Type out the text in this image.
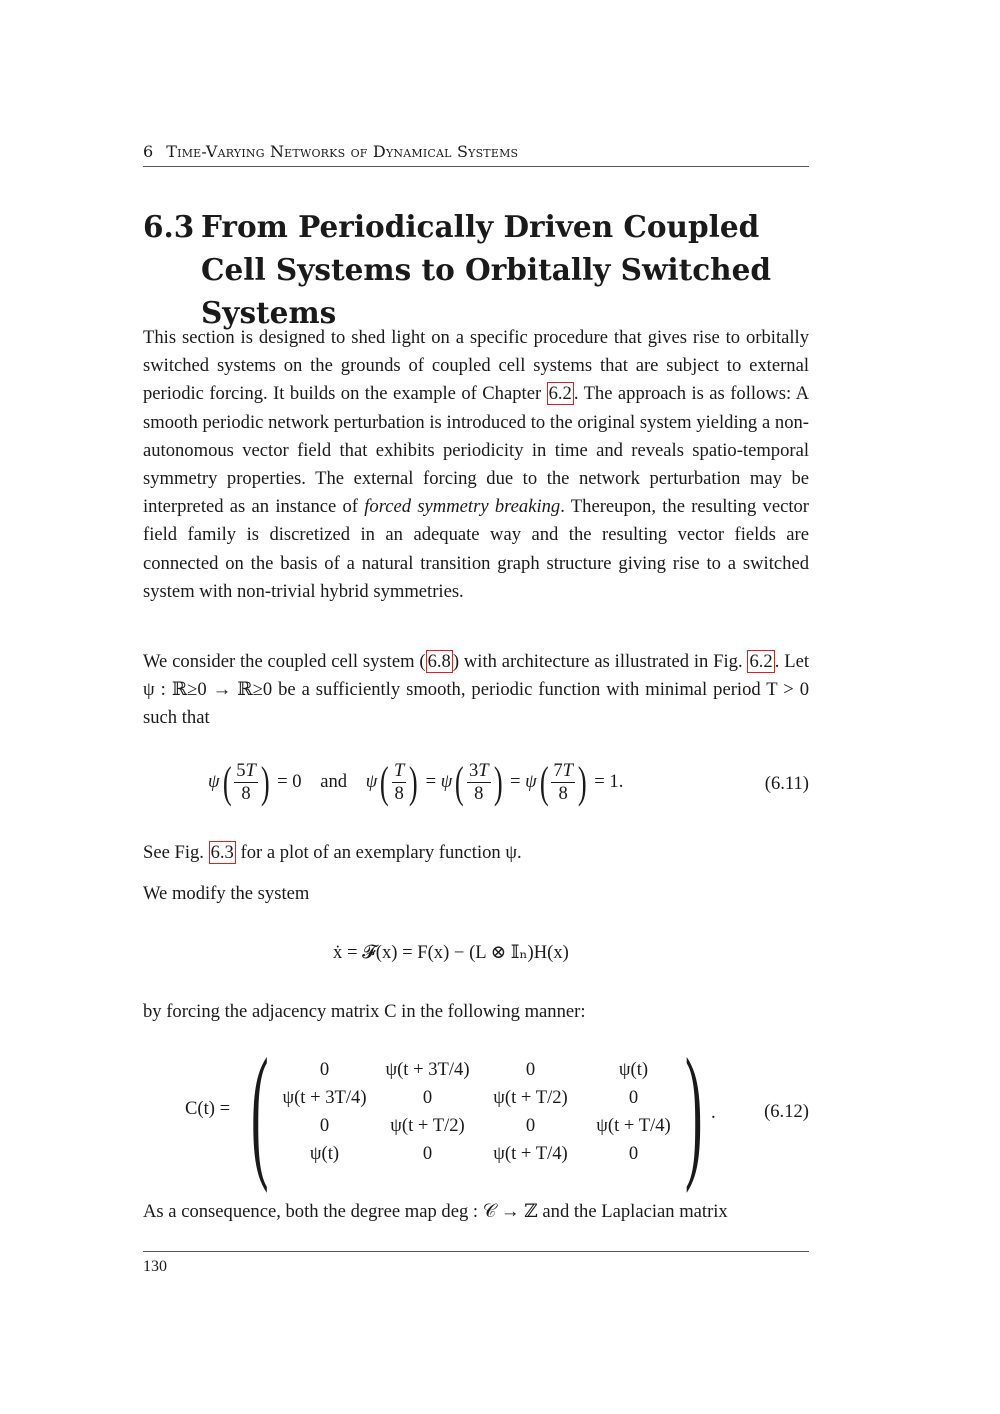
6 Time-Varying Networks of Dynamical Systems
6.3 From Periodically Driven Coupled Cell Systems to Orbitally Switched Systems

This section is designed to shed light on a specific procedure that gives rise to orbitally switched systems on the grounds of coupled cell systems that are subject to external periodic forcing. It builds on the example of Chapter 6.2 . The approach is as follows: A smooth periodic network perturbation is introduced to the original system yielding a non-autonomous vector field that exhibits periodicity in time and reveals spatio-temporal symmetry properties. The external forcing due to the network perturbation may be interpreted as an instance of forced symmetry breaking. Thereupon, the resulting vector field family is discretized in an adequate way and the resulting vector fields are connected on the basis of a natural transition graph structure giving rise to a switched system with non-trivial hybrid symmetries.

We consider the coupled cell system ( 6.8 ) with architecture as illustrated in Fig. 6.2 . Let ψ : ℝ≥0 → ℝ≥0 be a sufficiently smooth, periodic function with minimal period T > 0 such that

$\psi( \frac{5T}{8}$ ) = 0 and $\psi( \frac{T}{8}$ ) = $\psi( \frac{3T}{8}$ ) = $\psi( \frac{7T}{8}$ ) = 1.	(6.11)

See Fig. 6.3 for a plot of an exemplary function ψ.

We modify the system

ẋ = 𝓕(x) = F(x) − (L ⊗ 𝕀ₙ)H(x)

by forcing the adjacency matrix C in the following manner:

C(t) = (	0	ψ(t + 3T/4)	0	ψ(t)
ψ(t + 3T/4)	0	ψ(t + T/2)	0
0	ψ(t + T/2)	0	ψ(t + T/4)
ψ(t)	0	ψ(t + T/4)	0 ) .	(6.12)

As a consequence, both the degree map deg : 𝒞 → ℤ and the Laplacian matrix

130
